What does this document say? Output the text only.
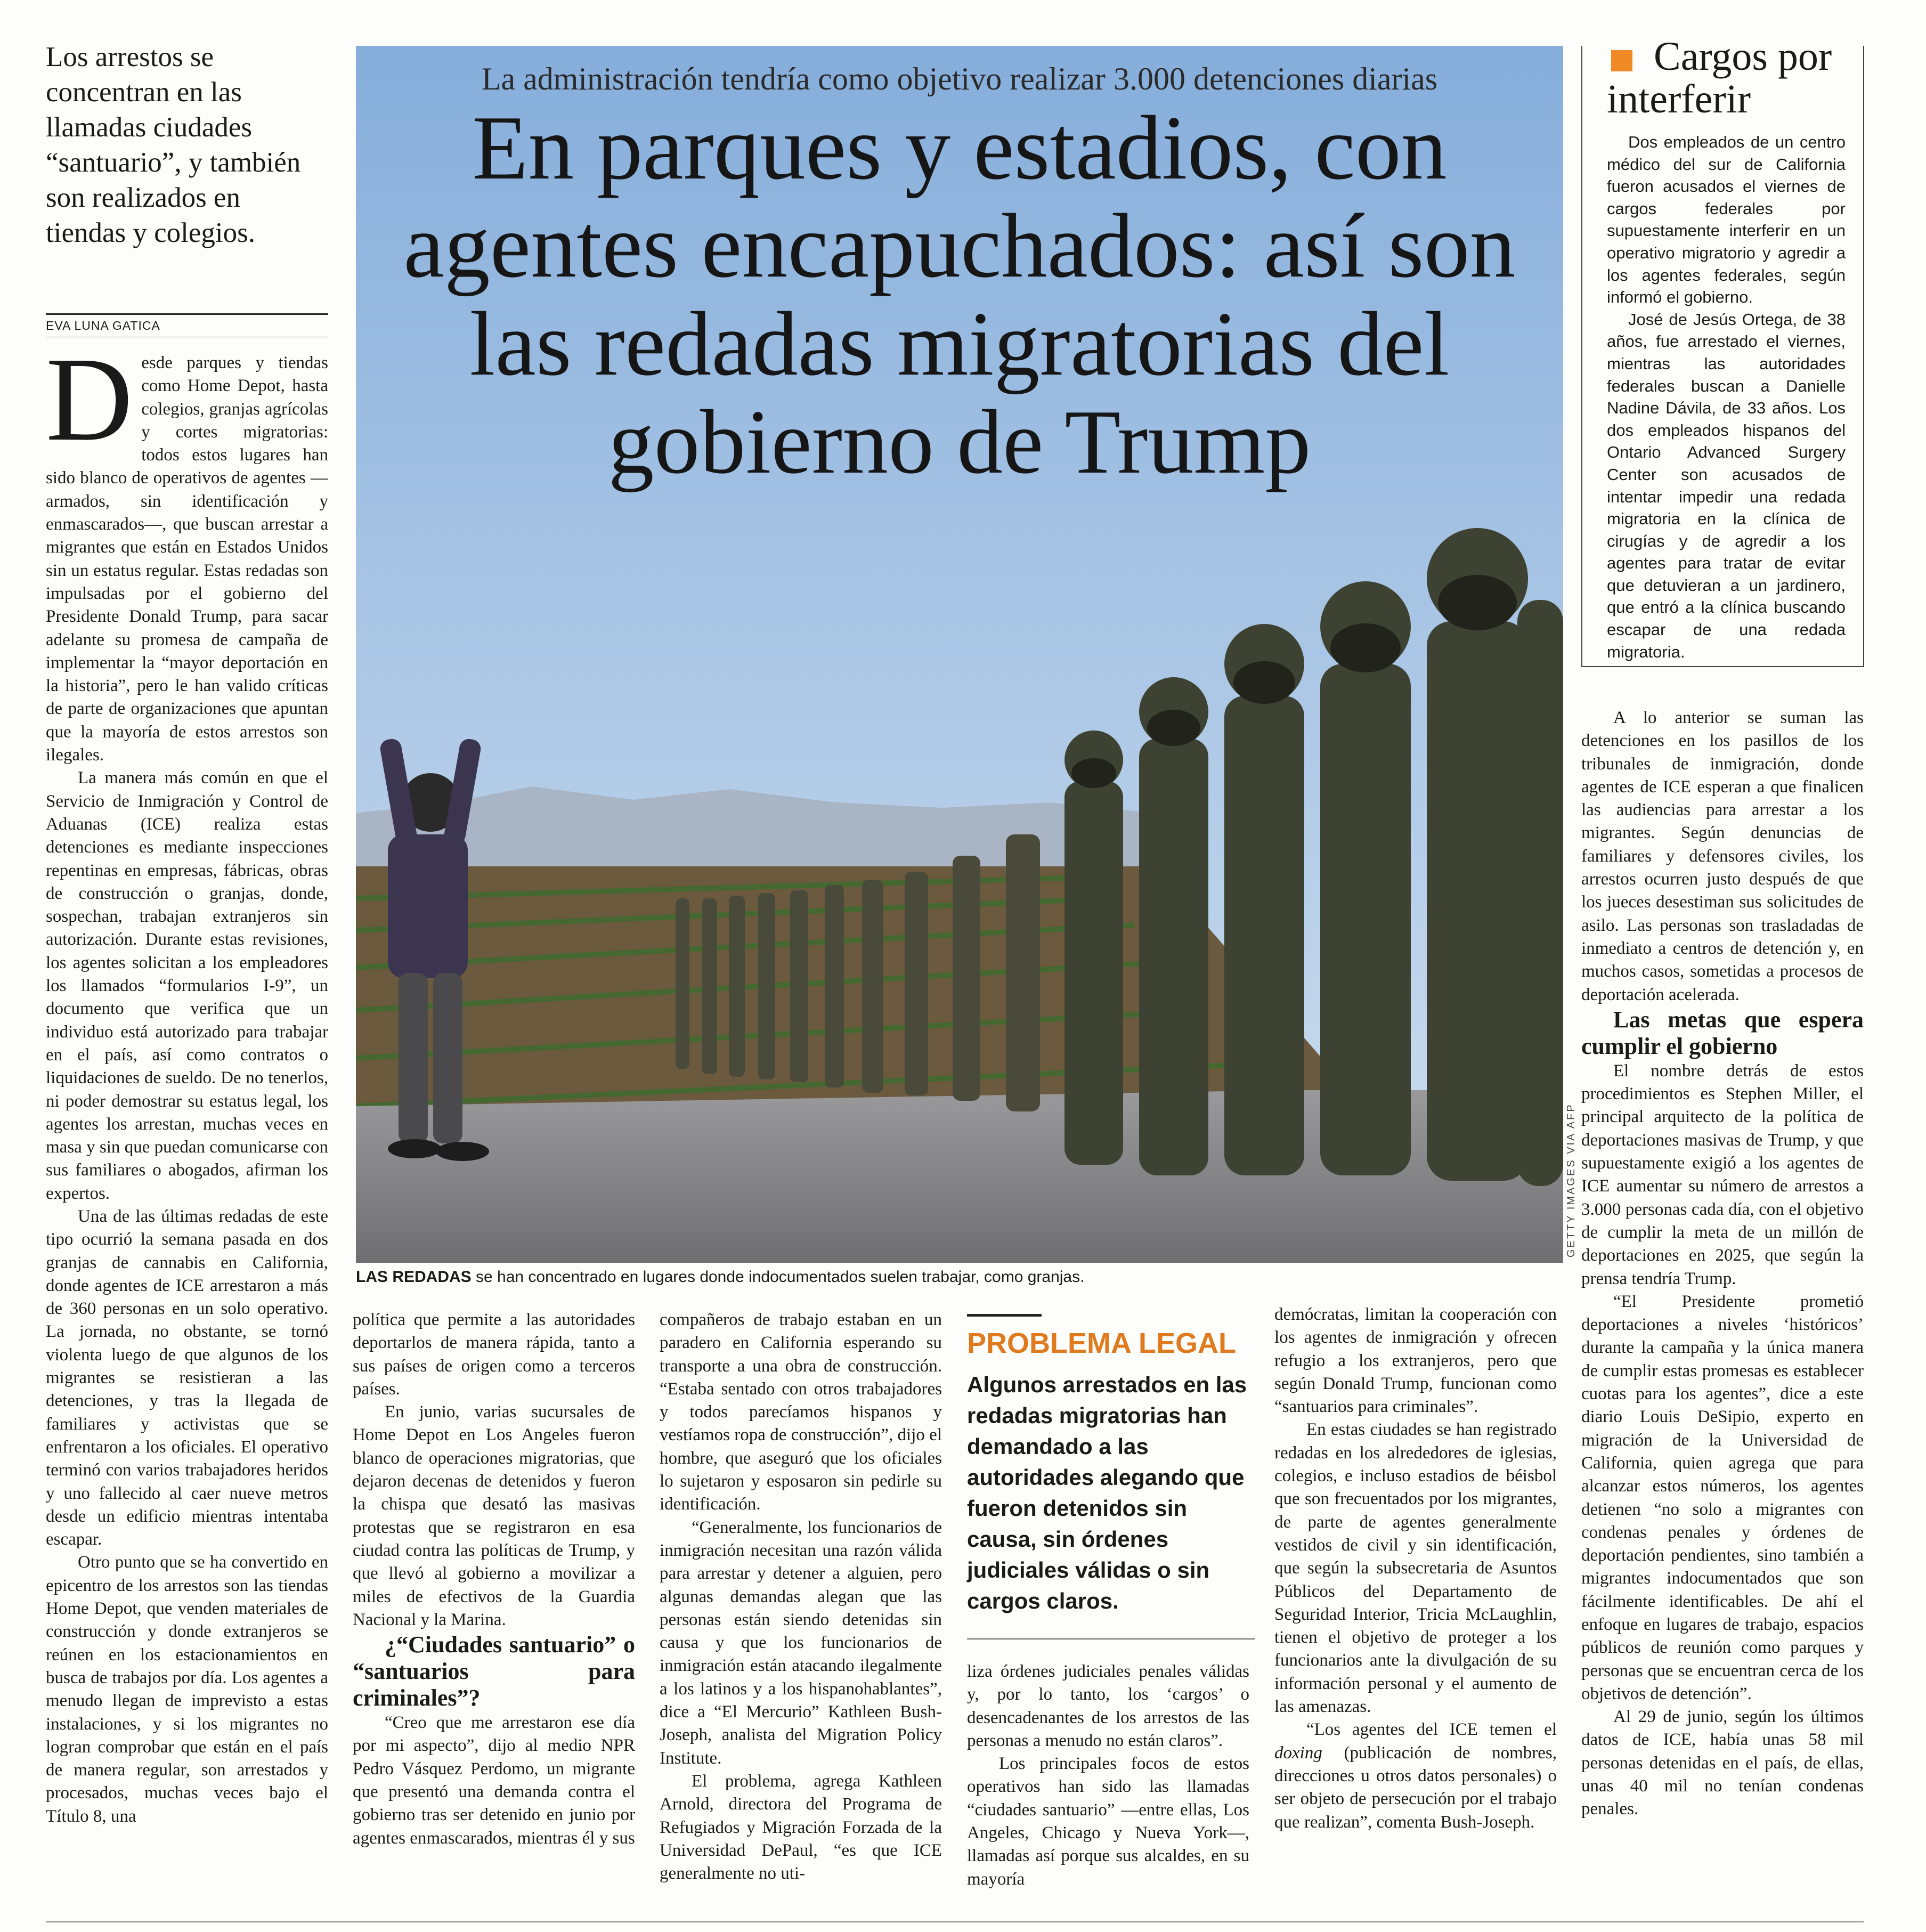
Los arrestos se concentran en las llamadas ciudades “santuario”, y también son realizados en tiendas y colegios.
EVA LUNA GATICA

Desde parques y tiendas como Home Depot, hasta colegios, granjas agrícolas y cortes migratorias: todos estos lugares han sido blanco de operativos de agentes —armados, sin identificación y enmascarados—, que buscan arrestar a migrantes que están en Estados Unidos sin un estatus regular. Estas redadas son impulsadas por el gobierno del Presidente Donald Trump, para sacar adelante su promesa de campaña de implementar la “mayor deportación en la historia”, pero le han valido críticas de parte de organizaciones que apuntan que la mayoría de estos arrestos son ilegales.

La manera más común en que el Servicio de Inmigración y Control de Aduanas (ICE) realiza estas detenciones es mediante inspecciones repentinas en empresas, fábricas, obras de construcción o granjas, donde, sospechan, trabajan extranjeros sin autorización. Durante estas revisiones, los agentes solicitan a los empleadores los llamados “formularios I-9”, un documento que verifica que un individuo está autorizado para trabajar en el país, así como contratos o liquidaciones de sueldo. De no tenerlos, ni poder demostrar su estatus legal, los agentes los arrestan, muchas veces en masa y sin que puedan comunicarse con sus familiares o abogados, afirman los expertos.

Una de las últimas redadas de este tipo ocurrió la semana pasada en dos granjas de cannabis en California, donde agentes de ICE arrestaron a más de 360 personas en un solo operativo. La jornada, no obstante, se tornó violenta luego de que algunos de los migrantes se resistieran a las detenciones, y tras la llegada de familiares y activistas que se enfrentaron a los oficiales. El operativo terminó con varios trabajadores heridos y uno fallecido al caer nueve metros desde un edificio mientras intentaba escapar.

Otro punto que se ha convertido en epicentro de los arrestos son las tiendas Home Depot, que venden materiales de construcción y donde extranjeros se reúnen en los estacionamientos en busca de trabajos por día. Los agentes a menudo llegan de imprevisto a estas instalaciones, y si los migrantes no logran comprobar que están en el país de manera regular, son arrestados y procesados, muchas veces bajo el Título 8, una

La administración tendría como objetivo realizar 3.000 detenciones diarias
En parques y estadios, con agentes encapuchados: así son las redadas migratorias del gobierno de Trump
GETTY IMAGES VIA AFP
LAS REDADAS se han concentrado en lugares donde indocumentados suelen trabajar, como granjas.

política que permite a las autoridades deportarlos de manera rápida, tanto a sus países de origen como a terceros países.

En junio, varias sucursales de Home Depot en Los Angeles fueron blanco de operaciones migratorias, que dejaron decenas de detenidos y fueron la chispa que desató las masivas protestas que se registraron en esa ciudad contra las políticas de Trump, y que llevó al gobierno a movilizar a miles de efectivos de la Guardia Nacional y la Marina.

¿“Ciudades santuario” o “santuarios para criminales”?

“Creo que me arrestaron ese día por mi aspecto”, dijo al medio NPR Pedro Vásquez Perdomo, un migrante que presentó una demanda contra el gobierno tras ser detenido en junio por agentes enmascarados, mientras él y sus

compañeros de trabajo estaban en un paradero en California esperando su transporte a una obra de construcción. “Estaba sentado con otros trabajadores y todos parecíamos hispanos y vestíamos ropa de construcción”, dijo el hombre, que aseguró que los oficiales lo sujetaron y esposaron sin pedirle su identificación.

“Generalmente, los funcionarios de inmigración necesitan una razón válida para arrestar y detener a alguien, pero algunas demandas alegan que las personas están siendo detenidas sin causa y que los funcionarios de inmigración están atacando ilegalmente a los latinos y a los hispanohablantes”, dice a “El Mercurio” Kathleen Bush-Joseph, analista del Migration Policy Institute.

El problema, agrega Kathleen Arnold, directora del Programa de Refugiados y Migración Forzada de la Universidad DePaul, “es que ICE generalmente no uti-

PROBLEMA LEGAL
Algunos arrestados en las redadas migratorias han demandado a las autoridades alegando que fueron detenidos sin causa, sin órdenes judiciales válidas o sin cargos claros.

liza órdenes judiciales penales válidas y, por lo tanto, los ‘cargos’ o desencadenantes de los arrestos de las personas a menudo no están claros”.

Los principales focos de estos operativos han sido las llamadas “ciudades santuario” —entre ellas, Los Angeles, Chicago y Nueva York—, llamadas así porque sus alcaldes, en su mayoría

demócratas, limitan la cooperación con los agentes de inmigración y ofrecen refugio a los extranjeros, pero que según Donald Trump, funcionan como “santuarios para criminales”.

En estas ciudades se han registrado redadas en los alrededores de iglesias, colegios, e incluso estadios de béisbol que son frecuentados por los migrantes, de parte de agentes generalmente vestidos de civil y sin identificación, que según la subsecretaria de Asuntos Públicos del Departamento de Seguridad Interior, Tricia McLaughlin, tienen el objetivo de proteger a los funcionarios ante la divulgación de su información personal y el aumento de las amenazas.

“Los agentes del ICE temen el doxing (publicación de nombres, direcciones u otros datos personales) o ser objeto de persecución por el trabajo que realizan”, comenta Bush-Joseph.

Cargos por interferir

Dos empleados de un centro médico del sur de California fueron acusados el viernes de cargos federales por supuestamente interferir en un operativo migratorio y agredir a los agentes federales, según informó el gobierno.

José de Jesús Ortega, de 38 años, fue arrestado el viernes, mientras las autoridades federales buscan a Danielle Nadine Dávila, de 33 años. Los dos empleados hispanos del Ontario Advanced Surgery Center son acusados de intentar impedir una redada migratoria en la clínica de cirugías y de agredir a los agentes para tratar de evitar que detuvieran a un jardinero, que entró a la clínica buscando escapar de una redada migratoria.

A lo anterior se suman las detenciones en los pasillos de los tribunales de inmigración, donde agentes de ICE esperan a que finalicen las audiencias para arrestar a los migrantes. Según denuncias de familiares y defensores civiles, los arrestos ocurren justo después de que los jueces desestiman sus solicitudes de asilo. Las personas son trasladadas de inmediato a centros de detención y, en muchos casos, sometidas a procesos de deportación acelerada.

Las metas que espera cumplir el gobierno

El nombre detrás de estos procedimientos es Stephen Miller, el principal arquitecto de la política de deportaciones masivas de Trump, y que supuestamente exigió a los agentes de ICE aumentar su número de arrestos a 3.000 personas cada día, con el objetivo de cumplir la meta de un millón de deportaciones en 2025, que según la prensa tendría Trump.

“El Presidente prometió deportaciones a niveles ‘históricos’ durante la campaña y la única manera de cumplir estas promesas es establecer cuotas para los agentes”, dice a este diario Louis DeSipio, experto en migración de la Universidad de California, quien agrega que para alcanzar estos números, los agentes detienen “no solo a migrantes con condenas penales y órdenes de deportación pendientes, sino también a migrantes indocumentados que son fácilmente identificables. De ahí el enfoque en lugares de trabajo, espacios públicos de reunión como parques y personas que se encuentran cerca de los objetivos de detención”.

Al 29 de junio, según los últimos datos de ICE, había unas 58 mil personas detenidas en el país, de ellas, unas 40 mil no tenían condenas penales.
